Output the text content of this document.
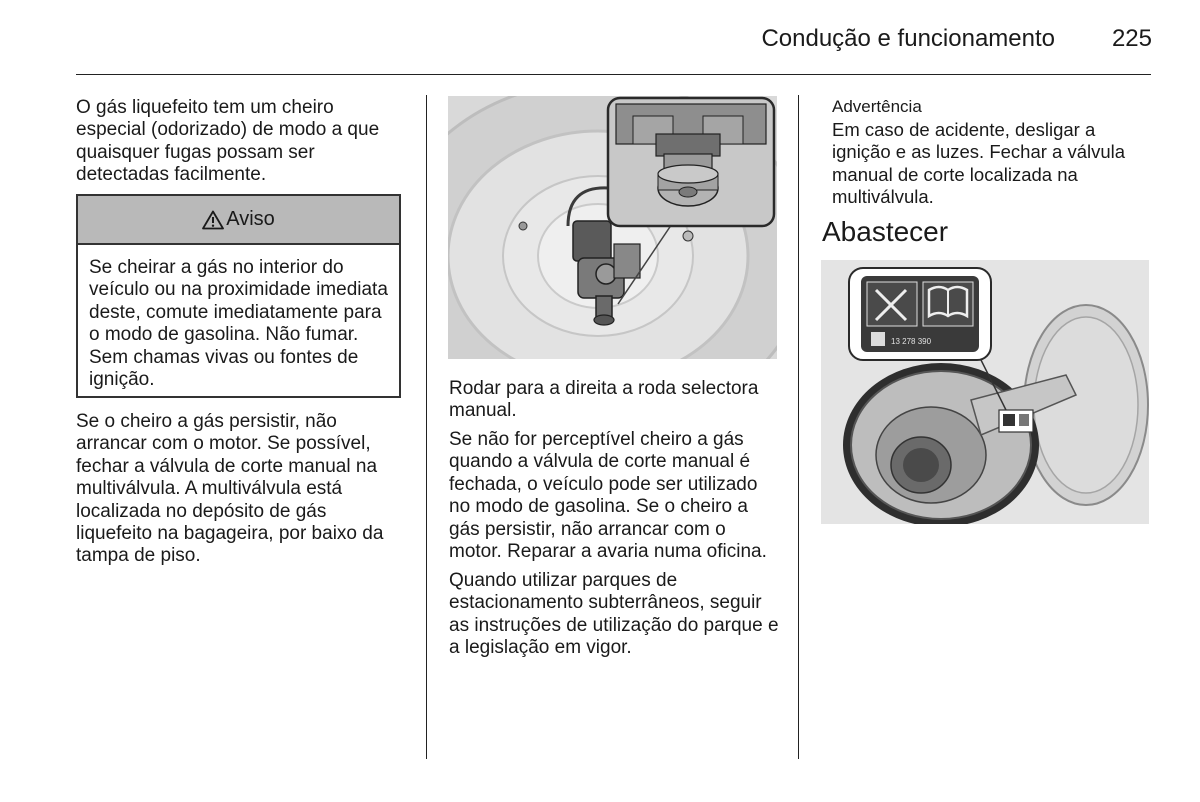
Condução e funcionamento	225

O gás liquefeito tem um cheiro especial (odorizado) de modo a que quaisquer fugas possam ser detectadas facilmente.

Aviso
Se cheirar a gás no interior do veículo ou na proximidade imediata deste, comute imediatamente para o modo de gasolina. Não fumar. Sem chamas vivas ou fontes de ignição.

Se o cheiro a gás persistir, não arrancar com o motor. Se possível, fechar a válvula de corte manual na multiválvula. A multiválvula está localizada no depósito de gás liquefeito na bagageira, por baixo da tampa de piso.

Rodar para a direita a roda selectora manual.

Se não for perceptível cheiro a gás quando a válvula de corte manual é fechada, o veículo pode ser utilizado no modo de gasolina. Se o cheiro a gás persistir, não arrancar com o motor. Reparar a avaria numa oficina.

Quando utilizar parques de estacionamento subterrâneos, seguir as instruções de utilização do parque e a legislação em vigor.

Advertência

Em caso de acidente, desligar a ignição e as luzes. Fechar a válvula manual de corte localizada na multiválvula.

Abastecer
13 278 390
